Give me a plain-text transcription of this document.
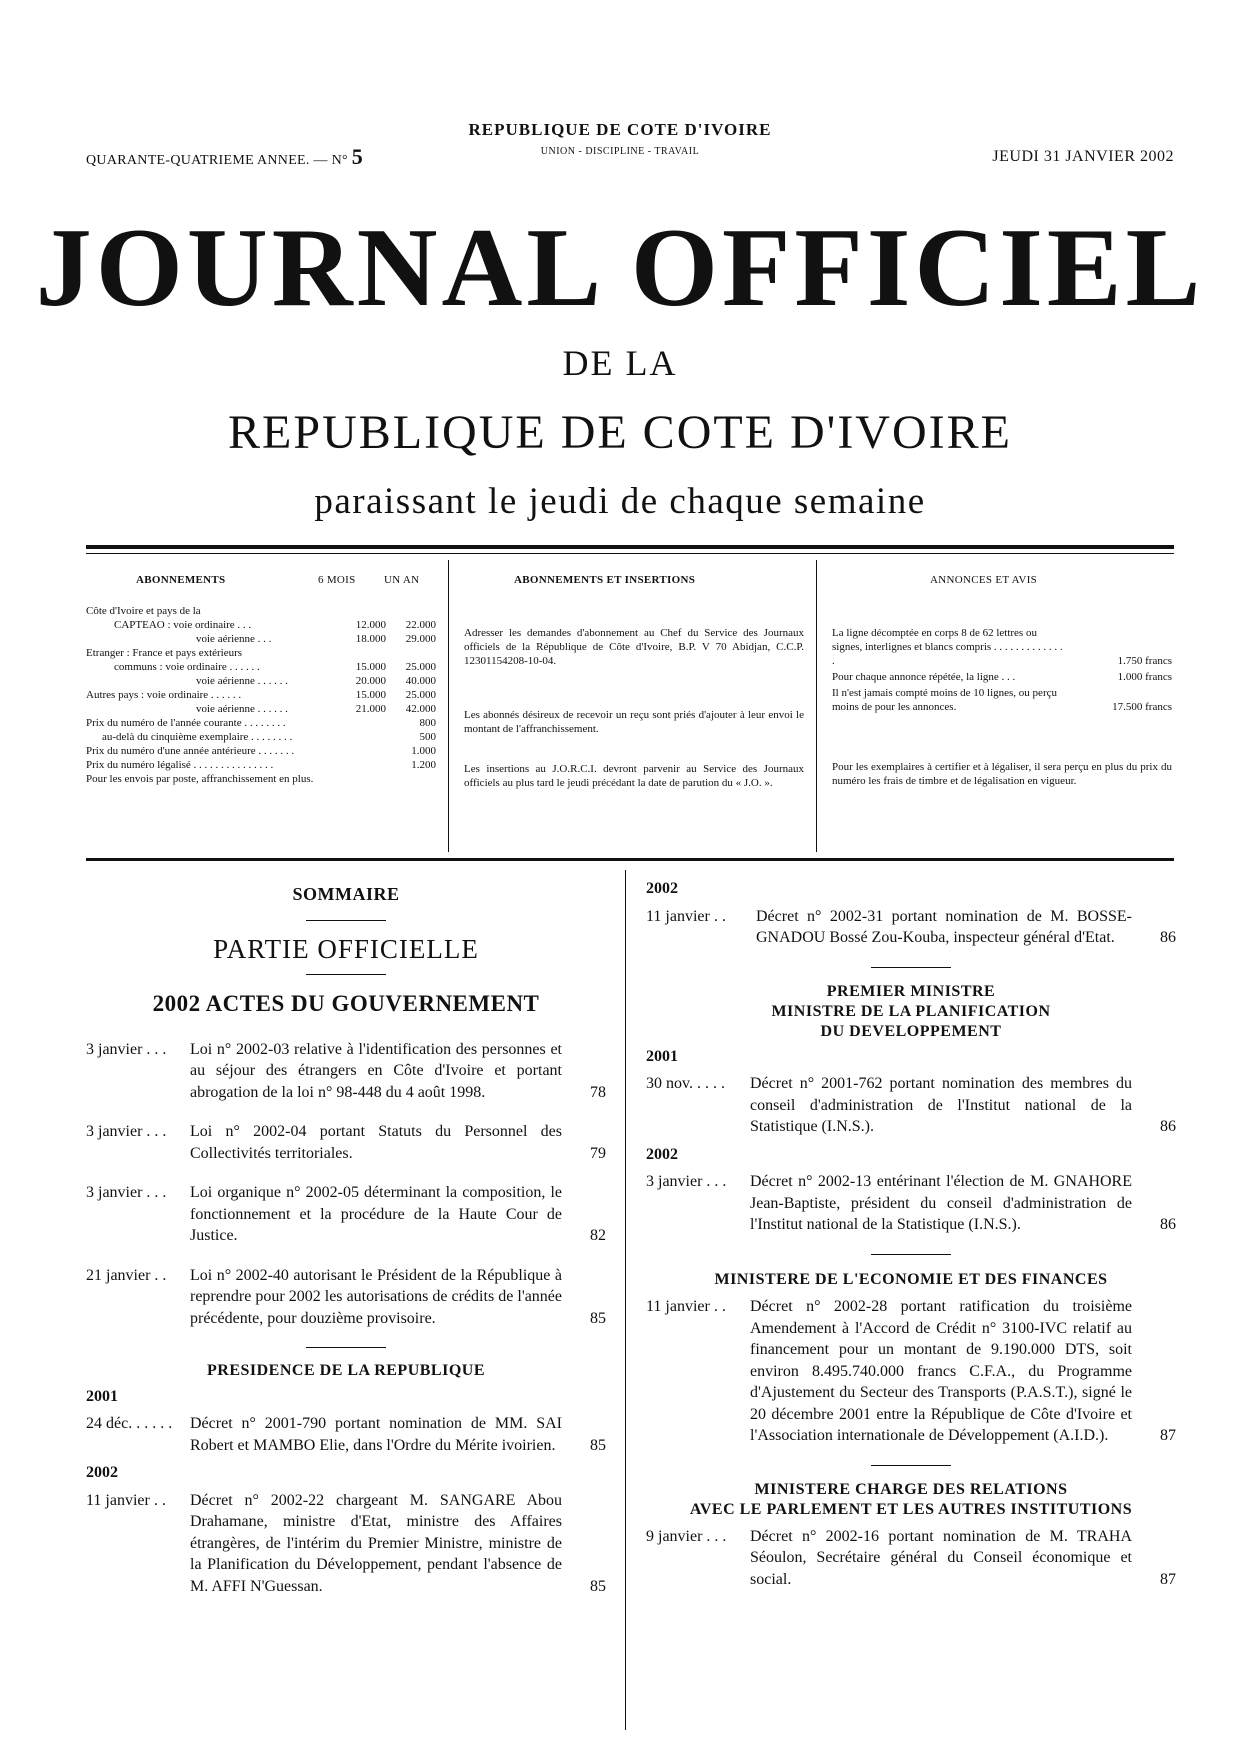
REPUBLIQUE DE COTE D'IVOIRE
UNION - DISCIPLINE - TRAVAIL
QUARANTE-QUATRIEME ANNEE. — N° 5	JEUDI 31 JANVIER 2002
JOURNAL OFFICIEL
DE LA
REPUBLIQUE DE COTE D'IVOIRE
paraissant le jeudi de chaque semaine
ABONNEMENTS	6 MOIS	UN AN
Côte d'Ivoire et pays de la
CAPTEAO : voie ordinaire . . .	12.000	22.000
voie aérienne . . .	18.000	29.000
Etranger : France et pays extérieurs
communs : voie ordinaire . . . . . .	15.000	25.000
voie aérienne . . . . . .	20.000	40.000
Autres pays : voie ordinaire . . . . . .	15.000	25.000
voie aérienne . . . . . .	21.000	42.000
Prix du numéro de l'année courante . . . . . . . .	800
au-delà du cinquième exemplaire . . . . . . . .	500
Prix du numéro d'une année antérieure . . . . . . .	1.000
Prix du numéro légalisé . . . . . . . . . . . . . . .	1.200
Pour les envois par poste, affranchissement en plus.
ABONNEMENTS ET INSERTIONS
Adresser les demandes d'abonnement au Chef du Service des Journaux officiels de la République de Côte d'Ivoire, B.P. V 70 Abidjan, C.C.P. 12301154208-10-04.
Les abonnés désireux de recevoir un reçu sont priés d'ajouter à leur envoi le montant de l'affranchissement.
Les insertions au J.O.R.C.I. devront parvenir au Service des Journaux officiels au plus tard le jeudi précédant la date de parution du « J.O. ».
ANNONCES ET AVIS
La ligne décomptée en corps 8 de 62 lettres ou signes, interlignes et blancs compris . . . . . . . . . . . . . .	1.750 francs
Pour chaque annonce répétée, la ligne . . .	1.000 francs
Il n'est jamais compté moins de 10 lignes, ou perçu moins de pour les annonces.	17.500 francs
Pour les exemplaires à certifier et à légaliser, il sera perçu en plus du prix du numéro les frais de timbre et de légalisation en vigueur.
SOMMAIRE
PARTIE OFFICIELLE
2002 ACTES DU GOUVERNEMENT
3 janvier . . .	Loi n° 2002-03 relative à l'identification des personnes et au séjour des étrangers en Côte d'Ivoire et portant abrogation de la loi n° 98-448 du 4 août 1998.	78
3 janvier . . .	Loi n° 2002-04 portant Statuts du Personnel des Collectivités territoriales.	79
3 janvier . . .	Loi organique n° 2002-05 déterminant la composition, le fonctionnement et la procédure de la Haute Cour de Justice.	82
21 janvier . .	Loi n° 2002-40 autorisant le Président de la République à reprendre pour 2002 les autorisations de crédits de l'année précédente, pour douzième provisoire.	85
PRESIDENCE DE LA REPUBLIQUE
2001
24 déc. . . . . .	Décret n° 2001-790 portant nomination de MM. SAI Robert et MAMBO Elie, dans l'Ordre du Mérite ivoirien.	85
2002
11 janvier . .	Décret n° 2002-22 chargeant M. SANGARE Abou Drahamane, ministre d'Etat, ministre des Affaires étrangères, de l'intérim du Premier Ministre, ministre de la Planification du Développement, pendant l'absence de M. AFFI N'Guessan.	85
2002
11 janvier . .	Décret n° 2002-31 portant nomination de M. BOSSE-GNADOU Bossé Zou-Kouba, inspecteur général d'Etat.	86
PREMIER MINISTRE
MINISTRE DE LA PLANIFICATION
DU DEVELOPPEMENT
2001
30 nov. . . . .	Décret n° 2001-762 portant nomination des membres du conseil d'administration de l'Institut national de la Statistique (I.N.S.).	86
2002
3 janvier . . .	Décret n° 2002-13 entérinant l'élection de M. GNAHORE Jean-Baptiste, président du conseil d'administration de l'Institut national de la Statistique (I.N.S.).	86
MINISTERE DE L'ECONOMIE ET DES FINANCES
11 janvier . .	Décret n° 2002-28 portant ratification du troisième Amendement à l'Accord de Crédit n° 3100-IVC relatif au financement pour un montant de 9.190.000 DTS, soit environ 8.495.740.000 francs C.F.A., du Programme d'Ajustement du Secteur des Transports (P.A.S.T.), signé le 20 décembre 2001 entre la République de Côte d'Ivoire et l'Association internationale de Développement (A.I.D.).	87
MINISTERE CHARGE DES RELATIONS
AVEC LE PARLEMENT ET LES AUTRES INSTITUTIONS
9 janvier . . .	Décret n° 2002-16 portant nomination de M. TRAHA Séoulon, Secrétaire général du Conseil économique et social.	87
